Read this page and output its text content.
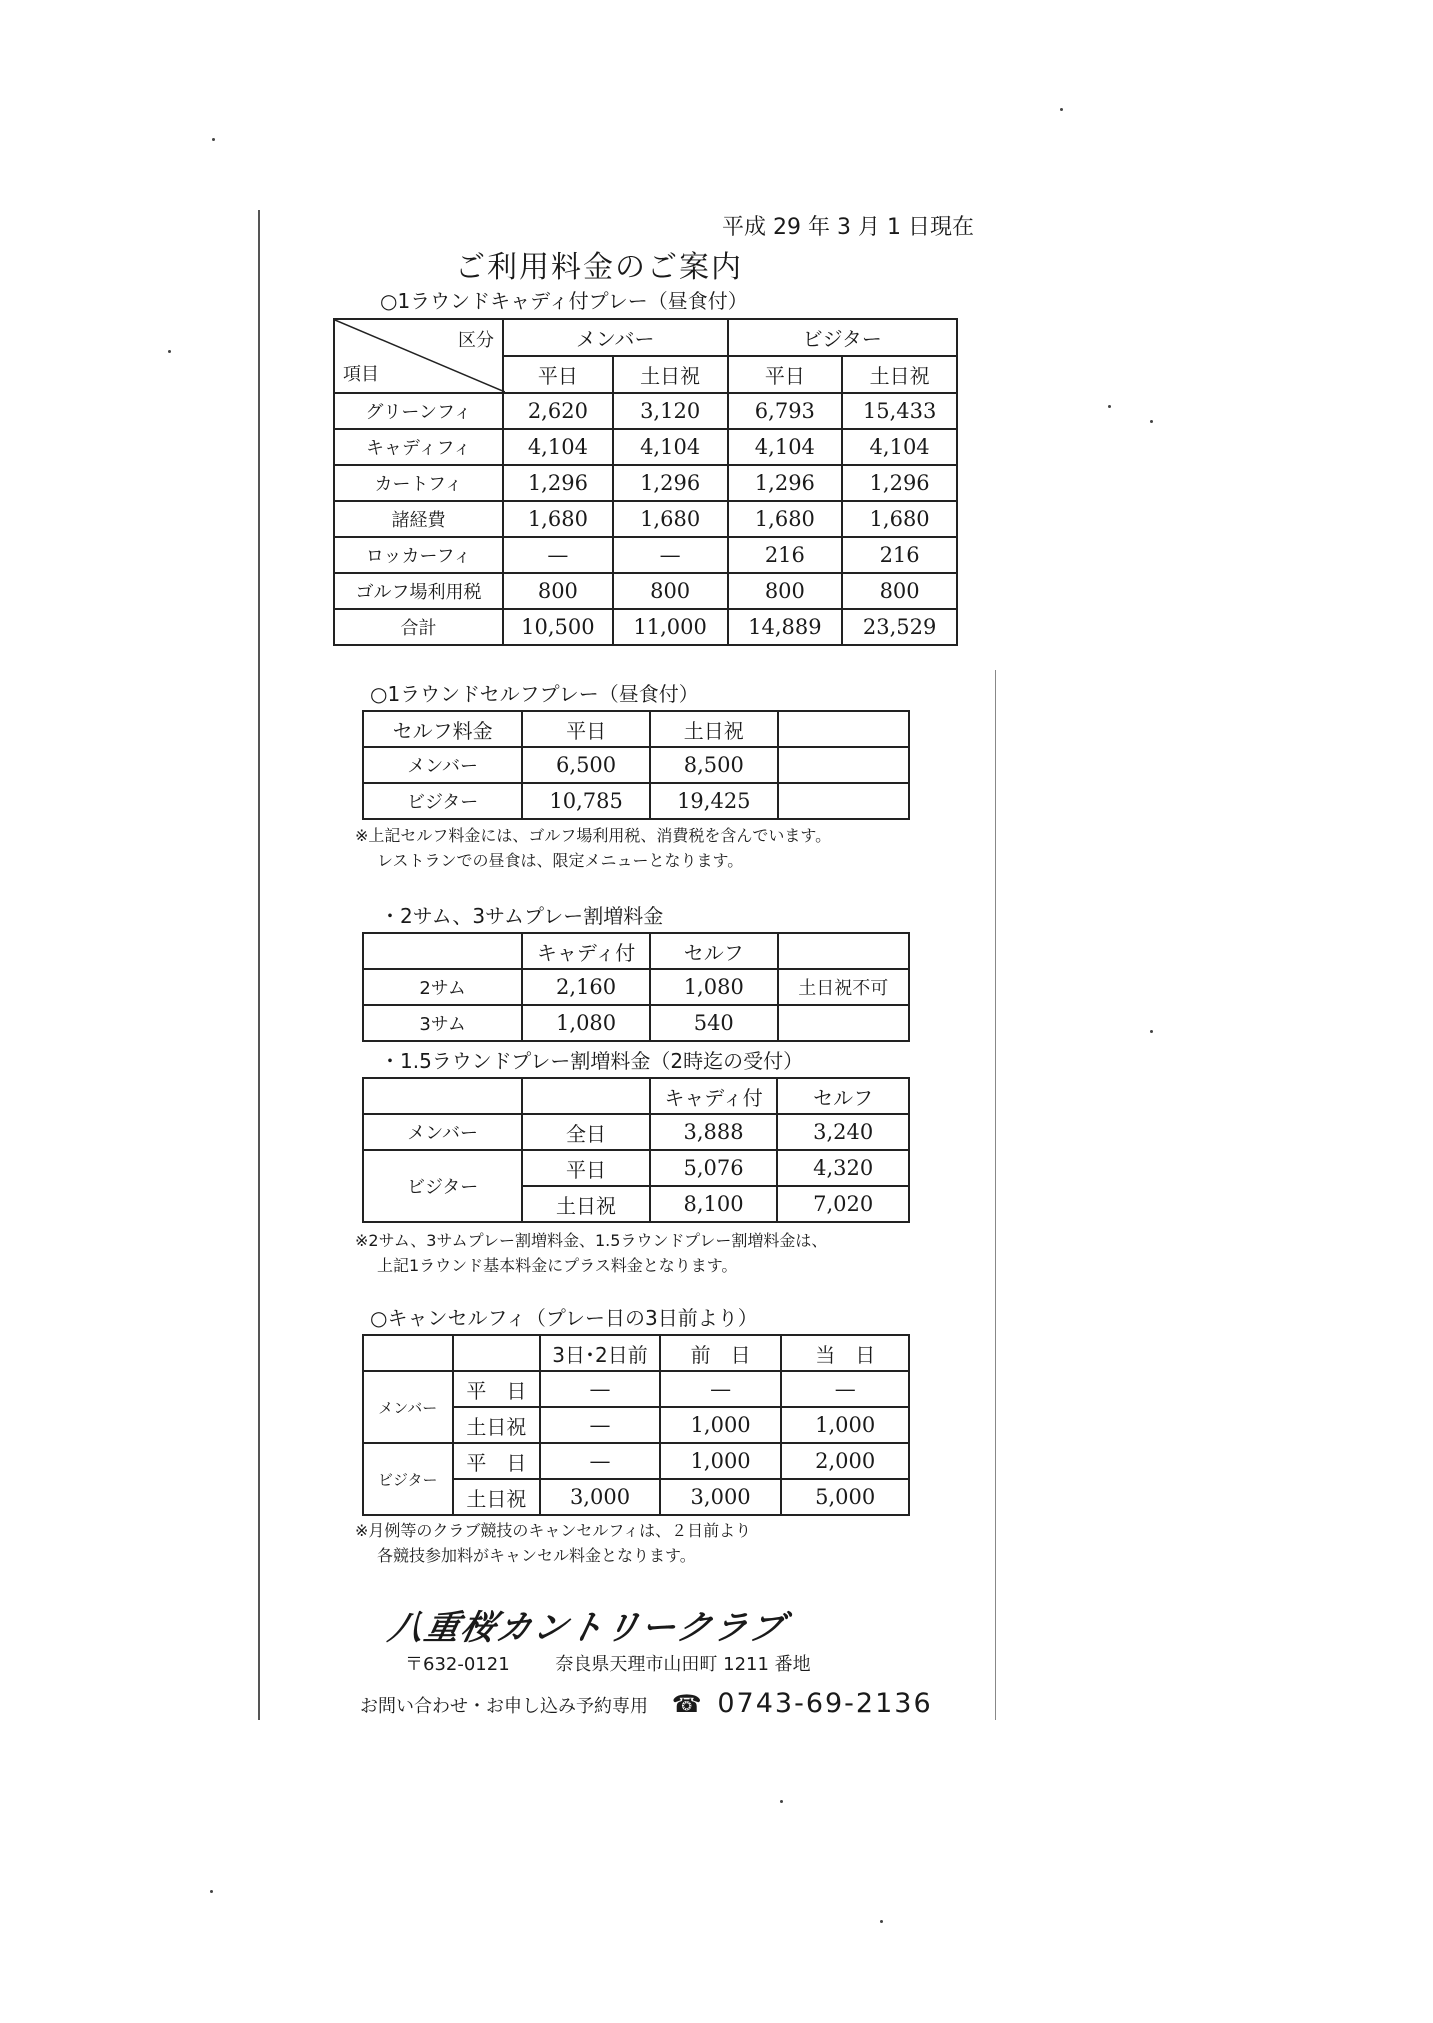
平成 29 年 3 月 1 日現在
ご利用料金のご案内
○1ラウンドキャディ付プレー（昼食付）
区分
項目	メンバー		ビジター	
	平日	土日祝	平日	土日祝
グリーンフィ	2,620	3,120	6,793	15,433
キャディフィ	4,104	4,104	4,104	4,104
カートフィ	1,296	1,296	1,296	1,296
諸経費	1,680	1,680	1,680	1,680
ロッカーフィ	—	—	216	216
ゴルフ場利用税	800	800	800	800
合計	10,500	11,000	14,889	23,529
○1ラウンドセルフプレー（昼食付）
セルフ料金	平日	土日祝	
メンバー	6,500	8,500	
ビジター	10,785	19,425	
※上記セルフ料金には、ゴルフ場利用税、消費税を含んでいます。
レストランでの昼食は、限定メニューとなります。
・2サム、3サムプレー割増料金
	キャディ付	セルフ	
2サム	2,160	1,080	土日祝不可
3サム	1,080	540	
・1.5ラウンドプレー割増料金（2時迄の受付）
		キャディ付	セルフ
メンバー	全日	3,888	3,240
ビジター	平日	5,076	4,320
	土日祝	8,100	7,020
※2サム、3サムプレー割増料金、1.5ラウンドプレー割増料金は、
上記1ラウンド基本料金にプラス料金となります。
○キャンセルフィ（プレー日の3日前より）
		3日･2日前	前　日	当　日
メンバー	平　日	—	—	—
	土日祝	—	1,000	1,000
ビジター	平　日	—	1,000	2,000
	土日祝	3,000	3,000	5,000
※月例等のクラブ競技のキャンセルフィは、２日前より
各競技参加料がキャンセル料金となります。
八重桜カントリークラブ
〒632-0121	奈良県天理市山田町 1211 番地
お問い合わせ・お申し込み予約専用 ☎ 0743-69-2136
